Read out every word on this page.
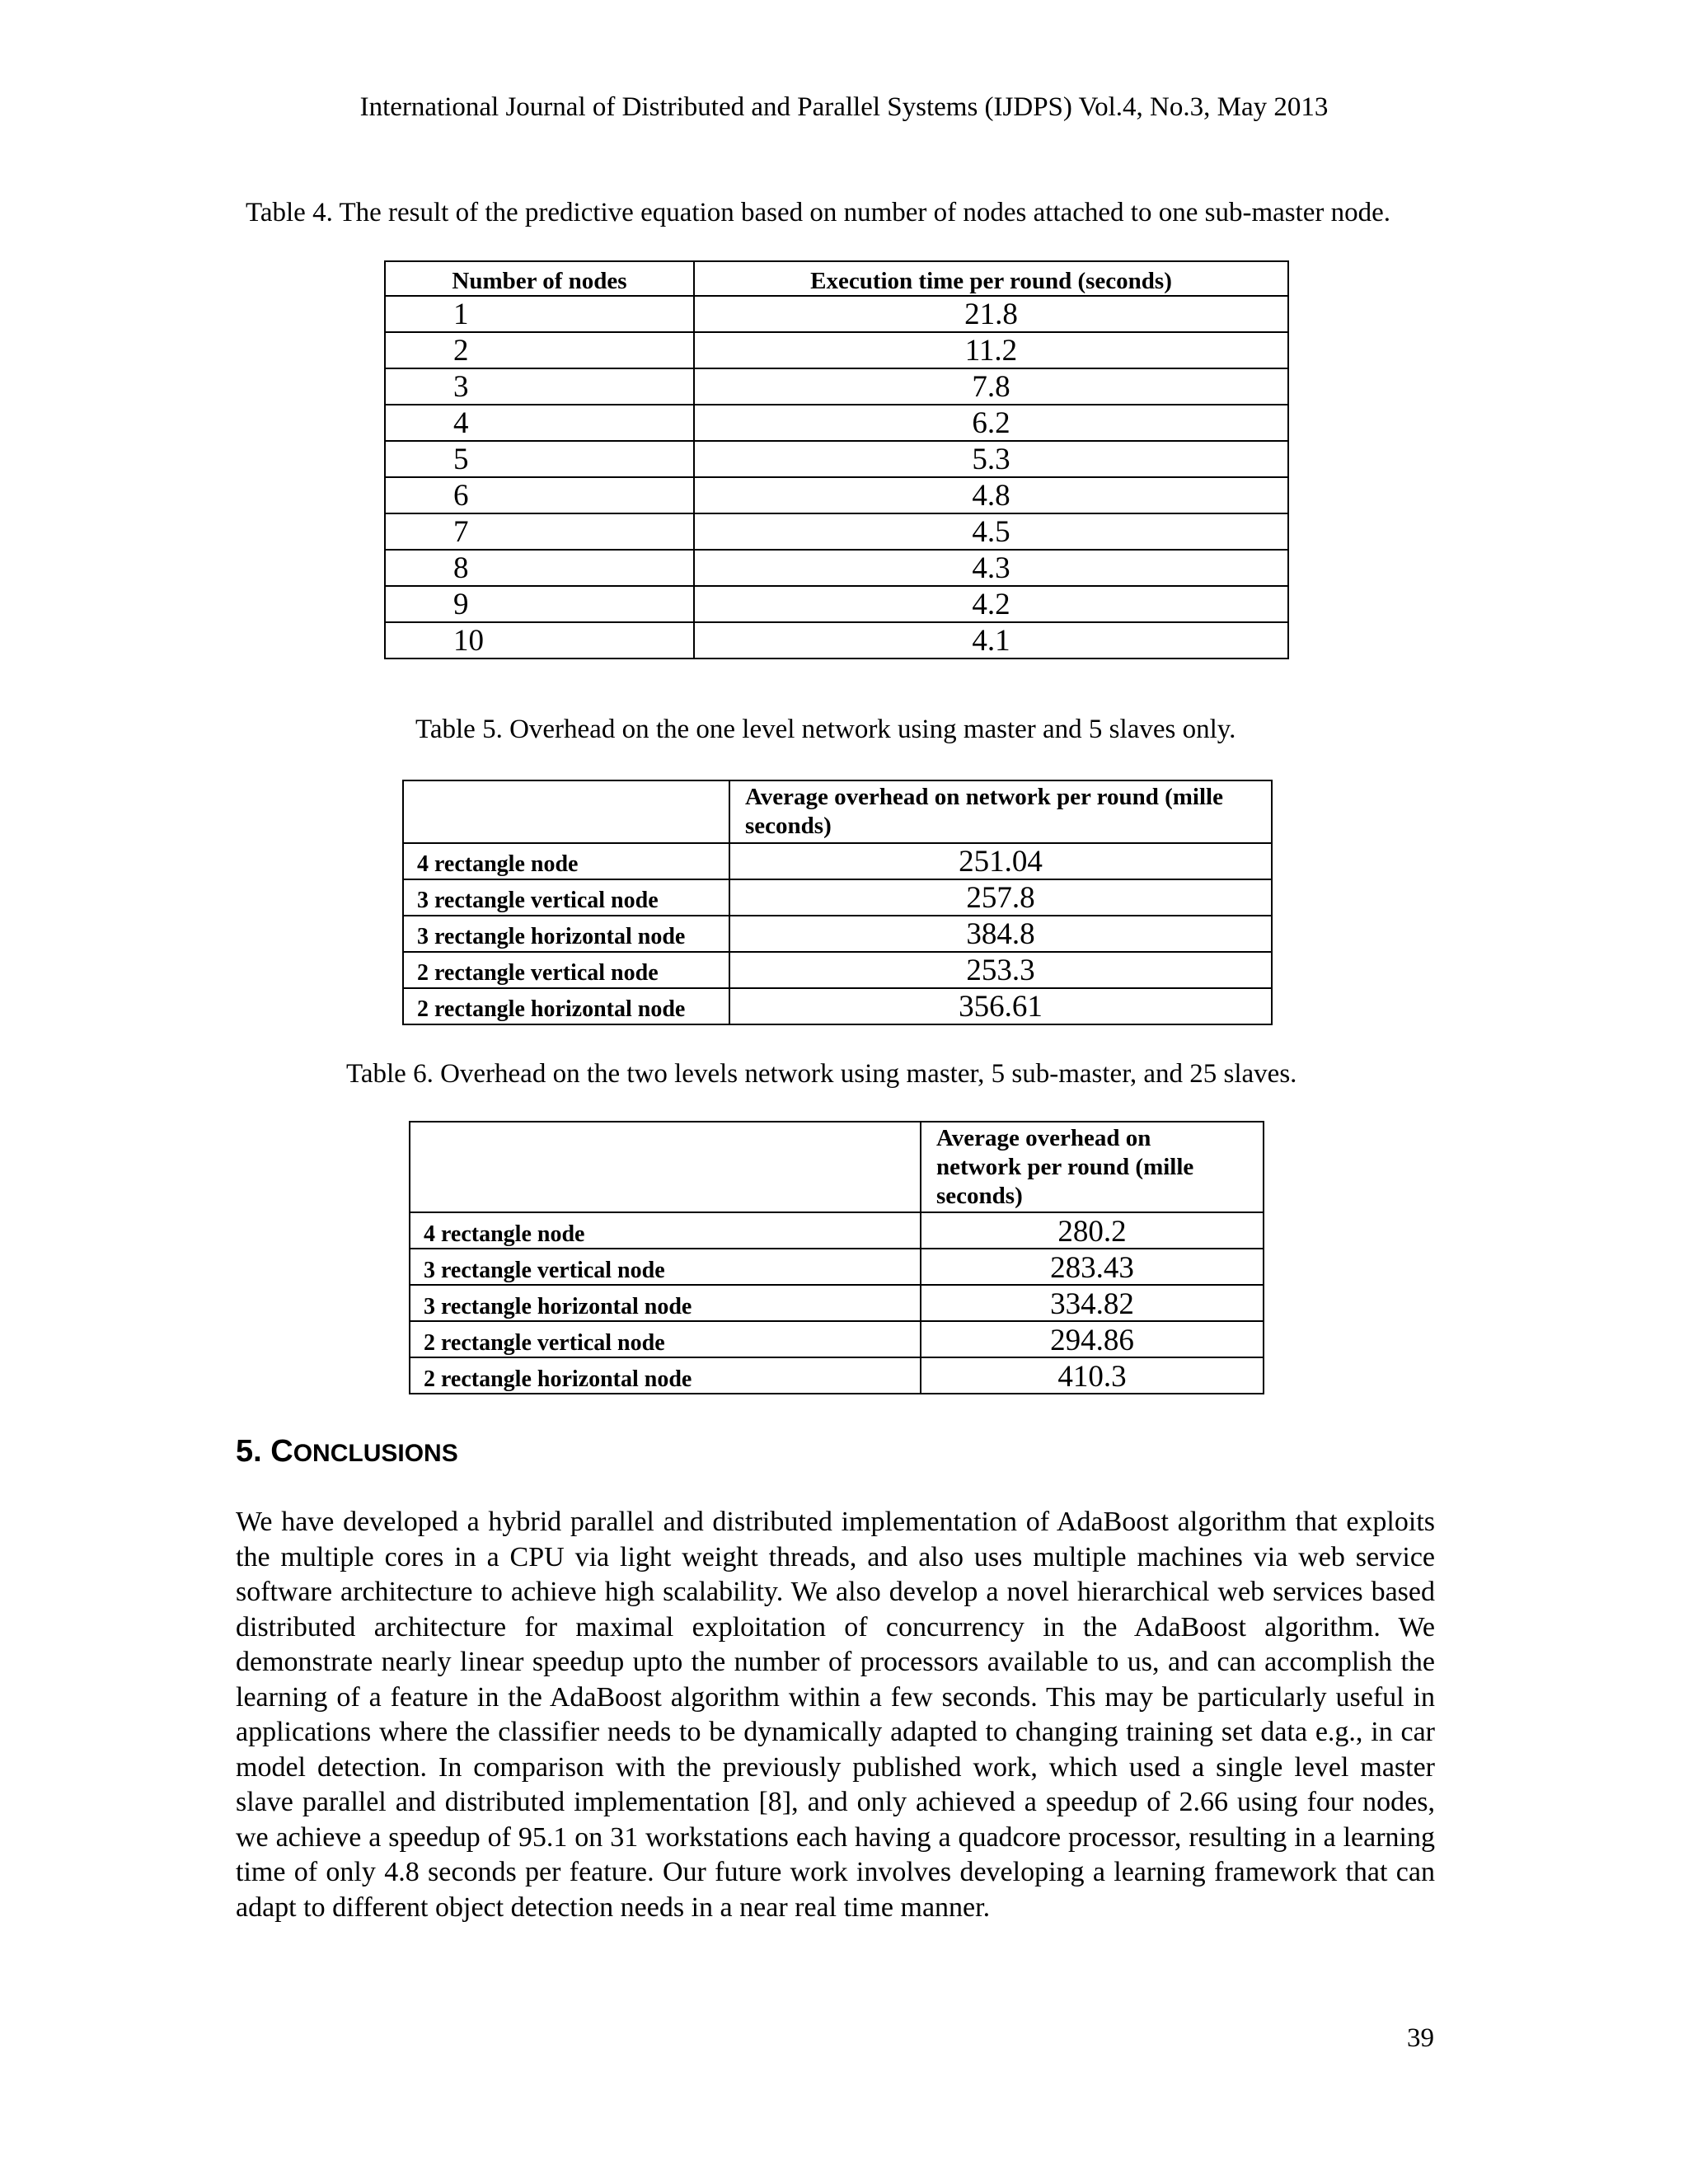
International Journal of Distributed and Parallel Systems (IJDPS) Vol.4, No.3, May 2013
Table 4. The result of the predictive equation based on number of nodes attached to one sub-master node.
Number of nodes	Execution time per round (seconds)
1	21.8
2	11.2
3	7.8
4	6.2
5	5.3
6	4.8
7	4.5
8	4.3
9	4.2
10	4.1
Table 5. Overhead on the one level network using master and 5 slaves only.
	Average overhead on network per round (mille seconds)
4 rectangle node	251.04
3 rectangle vertical node	257.8
3 rectangle horizontal node	384.8
2 rectangle vertical node	253.3
2 rectangle horizontal node	356.61
Table 6. Overhead on the two levels network using master, 5 sub-master, and 25 slaves.
	Average overhead on network per round (mille seconds)
4 rectangle node	280.2
3 rectangle vertical node	283.43
3 rectangle horizontal node	334.82
2 rectangle vertical node	294.86
2 rectangle horizontal node	410.3
5. CONCLUSIONS
We have developed a hybrid parallel and distributed implementation of AdaBoost algorithm that exploits the multiple cores in a CPU via light weight threads, and also uses multiple machines via web service software architecture to achieve high scalability. We also develop a novel hierarchical web services based distributed architecture for maximal exploitation of concurrency in the AdaBoost algorithm. We demonstrate nearly linear speedup upto the number of processors available to us, and can accomplish the learning of a feature in the AdaBoost algorithm within a few seconds. This may be particularly useful in applications where the classifier needs to be dynamically adapted to changing training set data e.g., in car model detection. In comparison with the previously published work, which used a single level master slave parallel and distributed implementation [8], and only achieved a speedup of 2.66 using four nodes, we achieve a speedup of 95.1 on 31 workstations each having a quadcore processor, resulting in a learning time of only 4.8 seconds per feature. Our future work involves developing a learning framework that can adapt to different object detection needs in a near real time manner.
39
